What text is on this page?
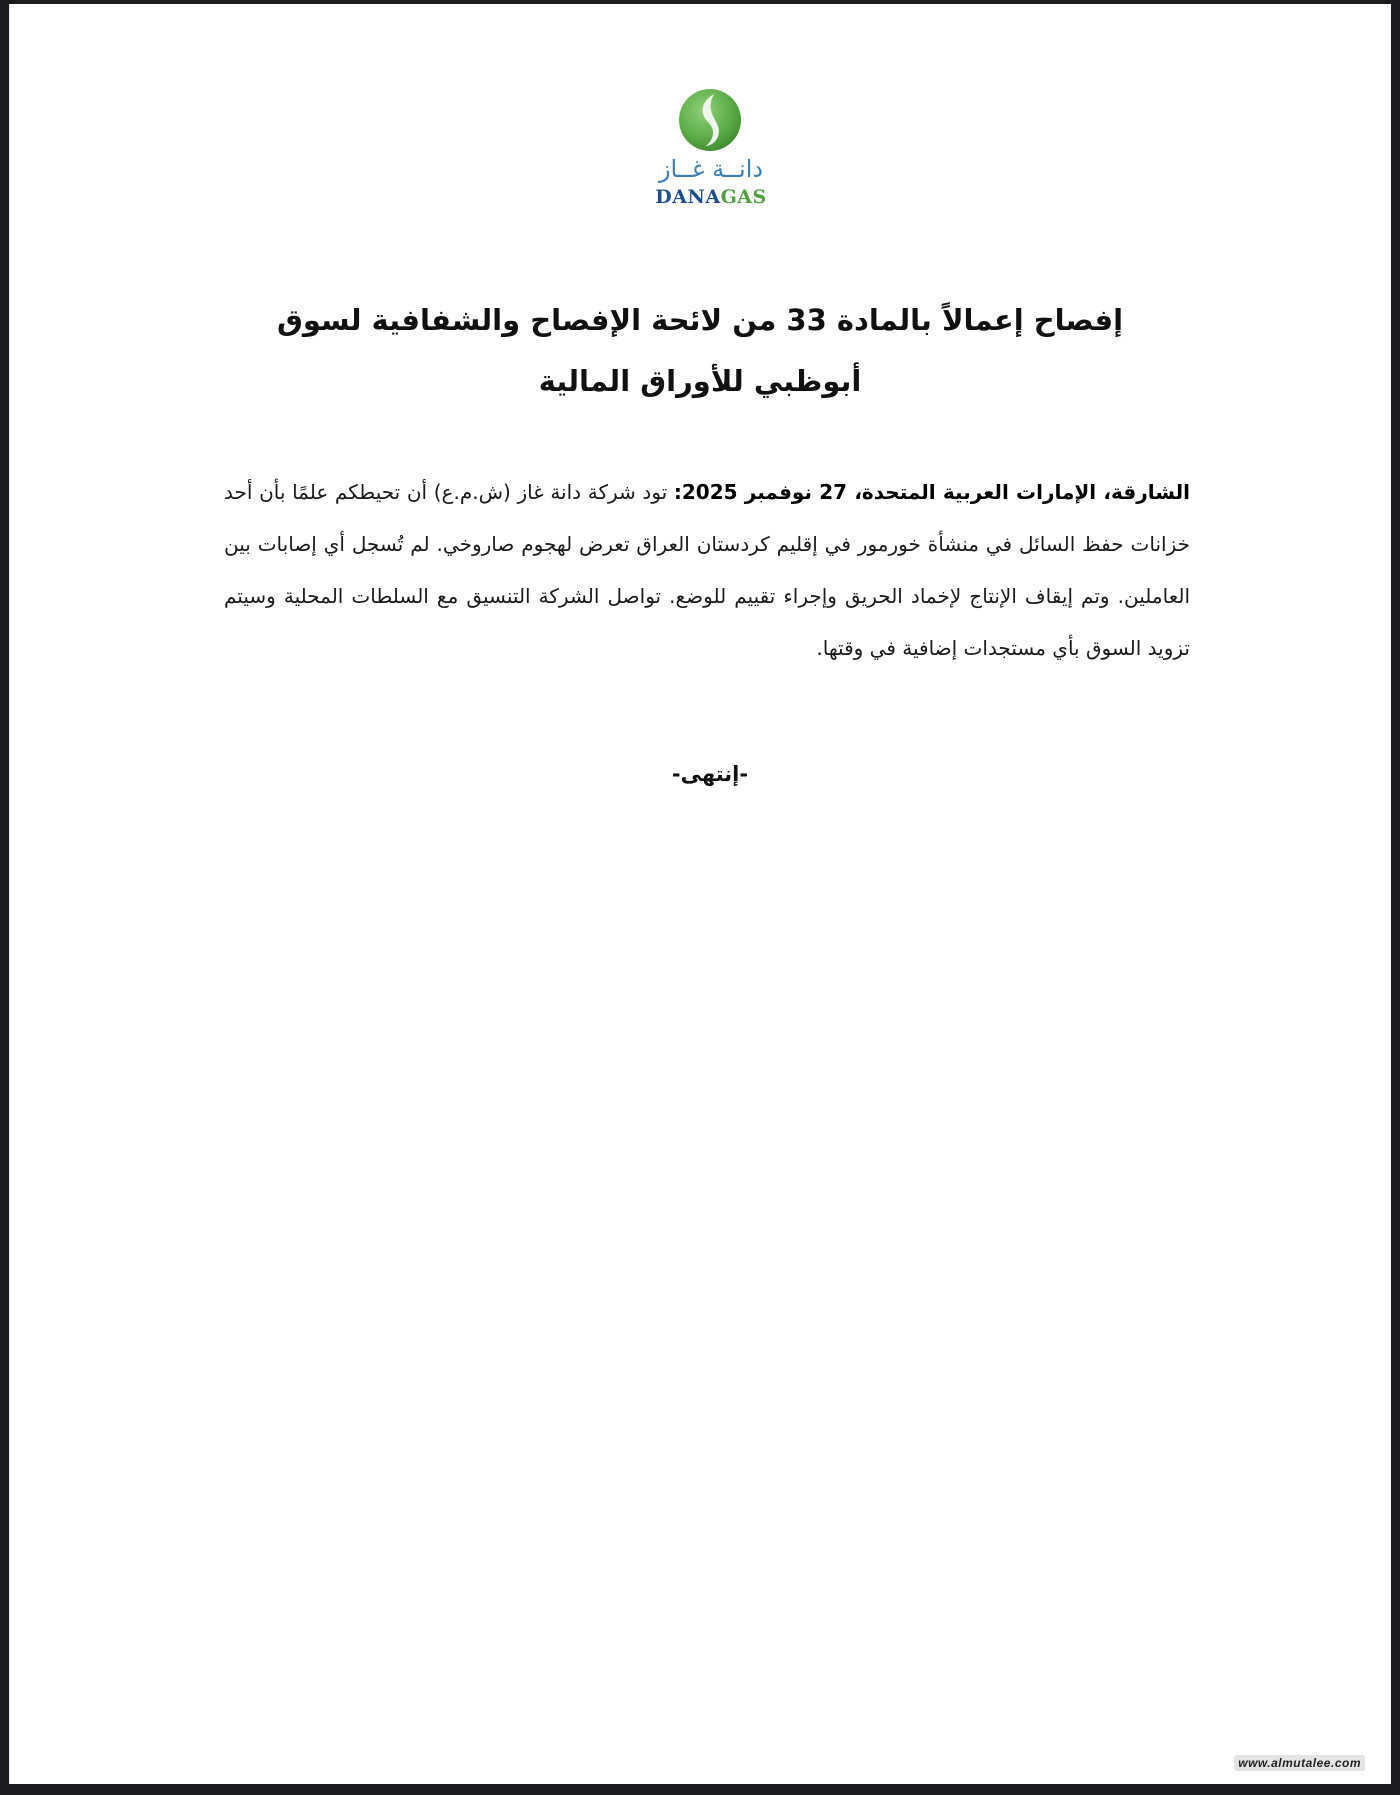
دانــة غــاز
DANAGAS
إفصاح إعمالاً بالمادة 33 من لائحة الإفصاح والشفافية لسوق أبوظبي للأوراق المالية
الشارقة، الإمارات العربية المتحدة، 27 نوفمبر 2025: تود شركة دانة غاز (ش.م.ع) أن تحيطكم علمًا بأن أحد خزانات حفظ السائل في منشأة خورمور في إقليم كردستان العراق تعرض لهجوم صاروخي. لم تُسجل أي إصابات بين العاملين. وتم إيقاف الإنتاج لإخماد الحريق وإجراء تقييم للوضع. تواصل الشركة التنسيق مع السلطات المحلية وسيتم تزويد السوق بأي مستجدات إضافية في وقتها.
-إنتهى-
www.almutalee.com
